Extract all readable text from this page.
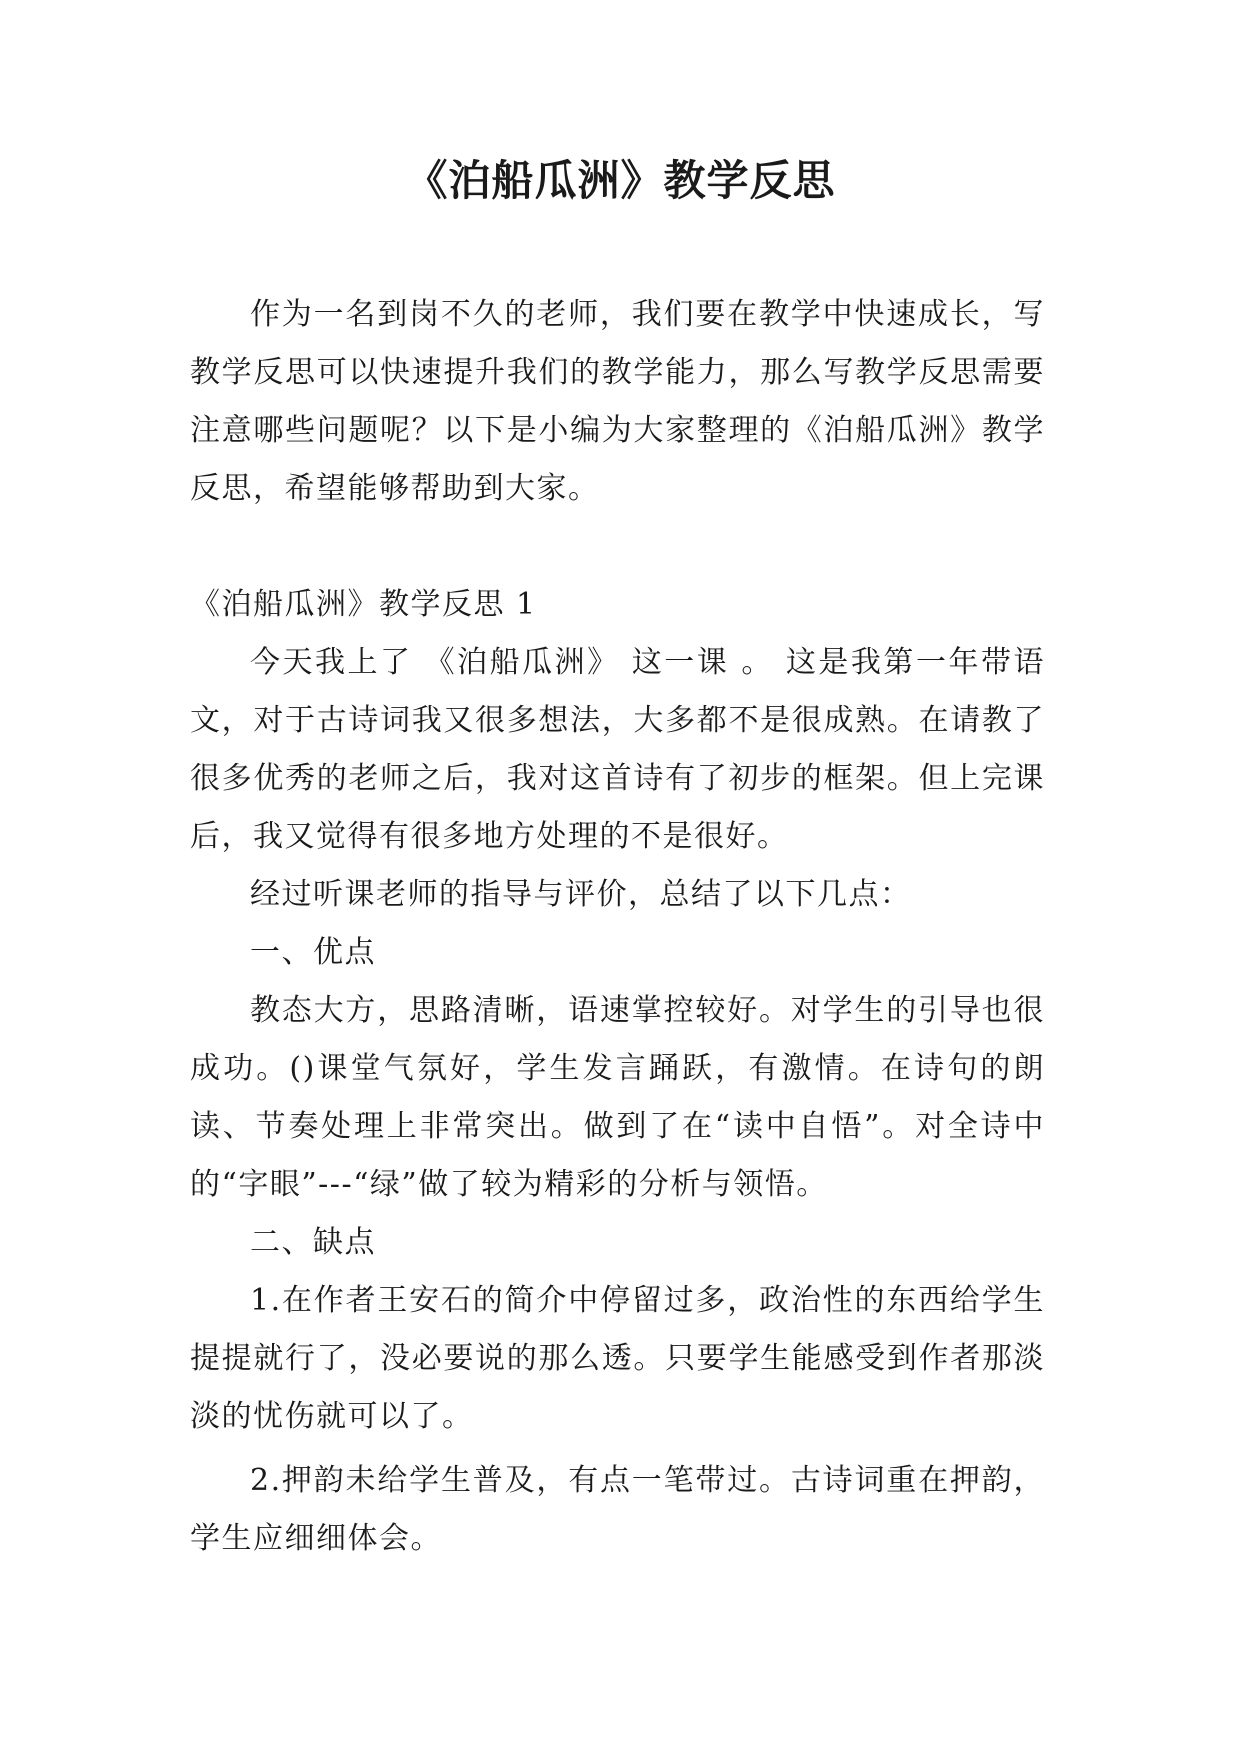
《泊船瓜洲》教学反思

作为一名到岗不久的老师，我们要在教学中快速成长，写教学反思可以快速提升我们的教学能力，那么写教学反思需要注意哪些问题呢？以下是小编为大家整理的《泊船瓜洲》教学反思，希望能够帮助到大家。

《泊船瓜洲》教学反思 1

今天我上了 《泊船瓜洲》 这一课 。 这是我第一年带语文，对于古诗词我又很多想法，大多都不是很成熟。在请教了很多优秀的老师之后，我对这首诗有了初步的框架。但上完课后，我又觉得有很多地方处理的不是很好。

经过听课老师的指导与评价，总结了以下几点：

一、优点

教态大方，思路清晰，语速掌控较好。对学生的引导也很成功。()课堂气氛好，学生发言踊跃，有激情。在诗句的朗读、节奏处理上非常突出。做到了在“读中自悟”。对全诗中的“字眼”---“绿”做了较为精彩的分析与领悟。

二、缺点

1.在作者王安石的简介中停留过多，政治性的东西给学生提提就行了，没必要说的那么透。只要学生能感受到作者那淡淡的忧伤就可以了。

2.押韵未给学生普及，有点一笔带过。古诗词重在押韵，学生应细细体会。
